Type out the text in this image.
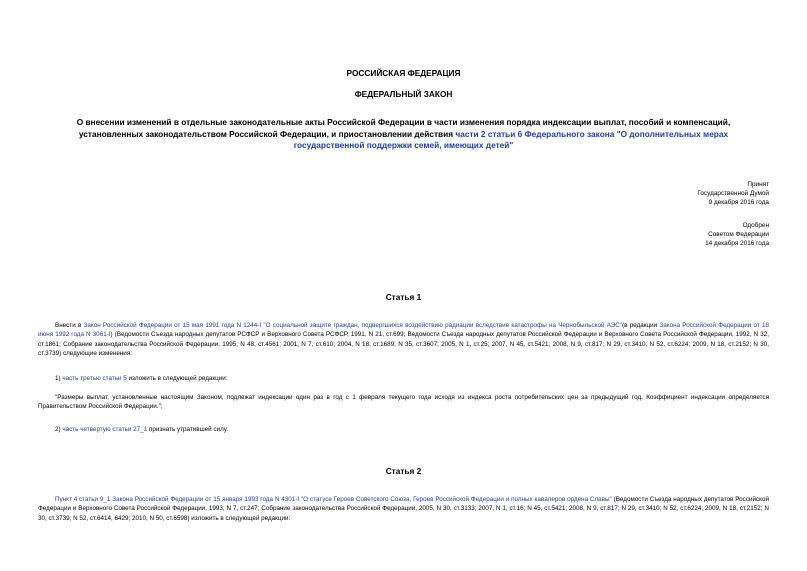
РОССИЙСКАЯ ФЕДЕРАЦИЯ
ФЕДЕРАЛЬНЫЙ ЗАКОН
О внесении изменений в отдельные законодательные акты Российской Федерации в части изменения порядка индексации выплат, пособий и компенсаций,
установленных законодательством Российской Федерации, и приостановлении действия части 2 статьи 6 Федерального закона "О дополнительных мерах
государственной поддержки семей, имеющих детей"
Принят
Государственной Думой
9 декабря 2016 года
Одобрен
Советом Федерации
14 декабря 2016 года
Статья 1
Внести в Закон Российской Федерации от 15 мая 1991 года N 1244-I "О социальной защите граждан, подвергшихся воздействию радиации вследствие катастрофы на Чернобыльской АЭС"(в редакции Закона Российской Федерации от 18 июня 1992 года N 3061-I) (Ведомости Съезда народных депутатов РСФСР и Верховного Совета РСФСР, 1991, N 21, ст.699; Ведомости Съезда народных депутатов Российской Федерации и Верховного Совета Российской Федерации, 1992, N 32, ст.1861; Собрание законодательства Российской Федерации, 1995, N 48, ст.4561; 2001, N 7, ст.610; 2004, N 18, ст.1689; N 35, ст.3607; 2005, N 1, ст.25; 2007, N 45, ст.5421; 2008, N 9, ст.817; N 29, ст.3410; N 52, ст.6224; 2009, N 18, ст.2152; N 30, ст.3739) следующие изменения:
1) часть третью статьи 5 изложить в следующей редакции:
"Размеры выплат, установленные настоящим Законом, подлежат индексации один раз в год с 1 февраля текущего года исходя из индекса роста потребительских цен за предыдущий год. Коэффициент индексации определяется Правительством Российской Федерации.";
2) часть четвертую статьи 27_1 признать утратившей силу.
Статья 2
Пункт 4 статьи 9_1 Закона Российской Федерации от 15 января 1993 года N 4301-I "О статусе Героев Советского Союза, Героев Российской Федерации и полных кавалеров ордена Славы" (Ведомости Съезда народных депутатов Российской Федерации и Верховного Совета Российской Федерации, 1993, N 7, ст.247; Собрание законодательства Российской Федерации, 2005, N 30, ст.3133; 2007, N 1, ст.16; N 45, ст.5421; 2008, N 9, ст.817; N 29, ст.3410; N 52, ст.6224; 2009, N 18, ст.2152; N 30, ст.3739; N 52, ст.6414, 6429; 2010, N 50, ст.6598) изложить в следующей редакции:
